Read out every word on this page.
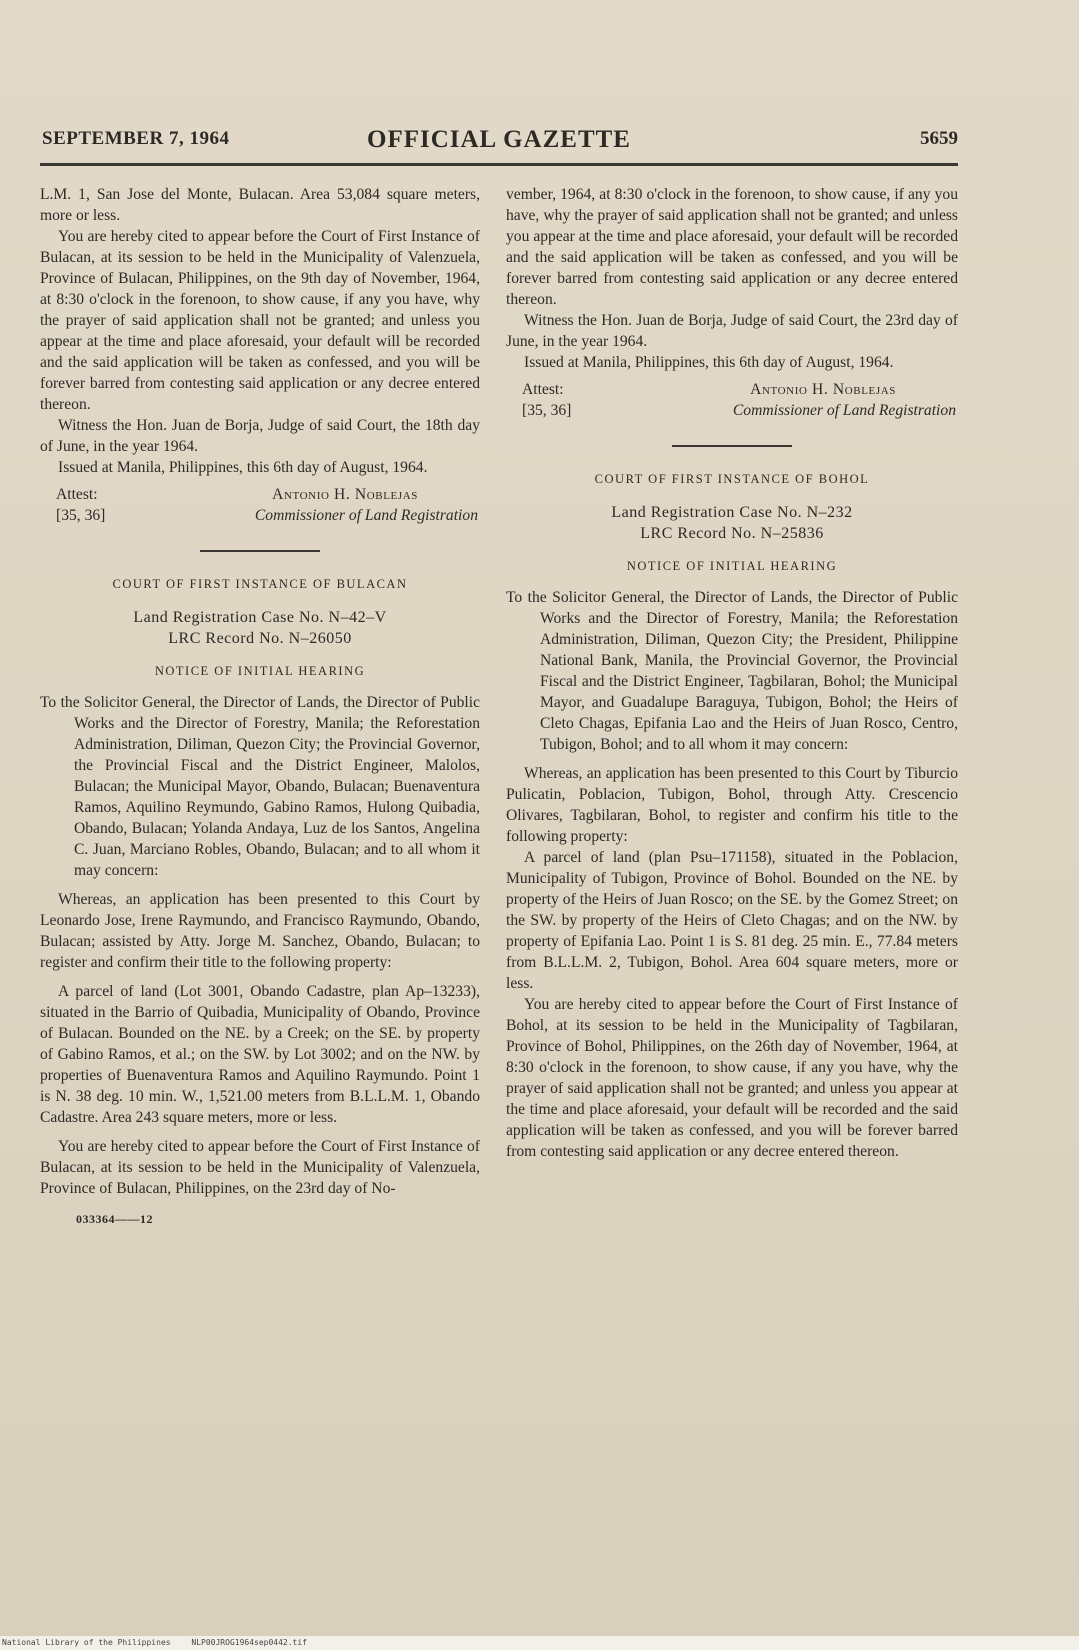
SEPTEMBER 7, 1964	OFFICIAL GAZETTE	5659

L.M. 1, San Jose del Monte, Bulacan. Area 53,084 square meters, more or less.

You are hereby cited to appear before the Court of First Instance of Bulacan, at its session to be held in the Municipality of Valenzuela, Province of Bulacan, Philippines, on the 9th day of November, 1964, at 8:30 o'clock in the forenoon, to show cause, if any you have, why the prayer of said application shall not be granted; and unless you appear at the time and place aforesaid, your default will be recorded and the said application will be taken as confessed, and you will be forever barred from contesting said application or any decree entered thereon.

Witness the Hon. Juan de Borja, Judge of said Court, the 18th day of June, in the year 1964.

Issued at Manila, Philippines, this 6th day of August, 1964.

Attest:	Antonio H. Noblejas
[35, 36]	Commissioner of Land Registration
COURT OF FIRST INSTANCE OF BULACAN
Land Registration Case No. N–42–V
LRC Record No. N–26050
NOTICE OF INITIAL HEARING

To the Solicitor General, the Director of Lands, the Director of Public Works and the Director of Forestry, Manila; the Reforestation Administration, Diliman, Quezon City; the Provincial Governor, the Provincial Fiscal and the District Engineer, Malolos, Bulacan; the Municipal Mayor, Obando, Bulacan; Buenaventura Ramos, Aquilino Reymundo, Gabino Ramos, Hulong Quibadia, Obando, Bulacan; Yolanda Andaya, Luz de los Santos, Angelina C. Juan, Marciano Robles, Obando, Bulacan; and to all whom it may concern:

Whereas, an application has been presented to this Court by Leonardo Jose, Irene Raymundo, and Francisco Raymundo, Obando, Bulacan; assisted by Atty. Jorge M. Sanchez, Obando, Bulacan; to register and confirm their title to the following property:

A parcel of land (Lot 3001, Obando Cadastre, plan Ap–13233), situated in the Barrio of Quibadia, Municipality of Obando, Province of Bulacan. Bounded on the NE. by a Creek; on the SE. by property of Gabino Ramos, et al.; on the SW. by Lot 3002; and on the NW. by properties of Buenaventura Ramos and Aquilino Raymundo. Point 1 is N. 38 deg. 10 min. W., 1,521.00 meters from B.L.L.M. 1, Obando Cadastre. Area 243 square meters, more or less.

You are hereby cited to appear before the Court of First Instance of Bulacan, at its session to be held in the Municipality of Valenzuela, Province of Bulacan, Philippines, on the 23rd day of No-

033364——12

vember, 1964, at 8:30 o'clock in the forenoon, to show cause, if any you have, why the prayer of said application shall not be granted; and unless you appear at the time and place aforesaid, your default will be recorded and the said application will be taken as confessed, and you will be forever barred from contesting said application or any decree entered thereon.

Witness the Hon. Juan de Borja, Judge of said Court, the 23rd day of June, in the year 1964.

Issued at Manila, Philippines, this 6th day of August, 1964.

Attest:	Antonio H. Noblejas
[35, 36]	Commissioner of Land Registration
COURT OF FIRST INSTANCE OF BOHOL
Land Registration Case No. N–232
LRC Record No. N–25836
NOTICE OF INITIAL HEARING

To the Solicitor General, the Director of Lands, the Director of Public Works and the Director of Forestry, Manila; the Reforestation Administration, Diliman, Quezon City; the President, Philippine National Bank, Manila, the Provincial Governor, the Provincial Fiscal and the District Engineer, Tagbilaran, Bohol; the Municipal Mayor, and Guadalupe Baraguya, Tubigon, Bohol; the Heirs of Cleto Chagas, Epifania Lao and the Heirs of Juan Rosco, Centro, Tubigon, Bohol; and to all whom it may concern:

Whereas, an application has been presented to this Court by Tiburcio Pulicatin, Poblacion, Tubigon, Bohol, through Atty. Crescencio Olivares, Tagbilaran, Bohol, to register and confirm his title to the following property:

A parcel of land (plan Psu–171158), situated in the Poblacion, Municipality of Tubigon, Province of Bohol. Bounded on the NE. by property of the Heirs of Juan Rosco; on the SE. by the Gomez Street; on the SW. by property of the Heirs of Cleto Chagas; and on the NW. by property of Epifania Lao. Point 1 is S. 81 deg. 25 min. E., 77.84 meters from B.L.L.M. 2, Tubigon, Bohol. Area 604 square meters, more or less.

You are hereby cited to appear before the Court of First Instance of Bohol, at its session to be held in the Municipality of Tagbilaran, Province of Bohol, Philippines, on the 26th day of November, 1964, at 8:30 o'clock in the forenoon, to show cause, if any you have, why the prayer of said application shall not be granted; and unless you appear at the time and place aforesaid, your default will be recorded and the said application will be taken as confessed, and you will be forever barred from contesting said application or any decree entered thereon.

National Library of the Philippines	NLP00JROG1964sep0442.tif
